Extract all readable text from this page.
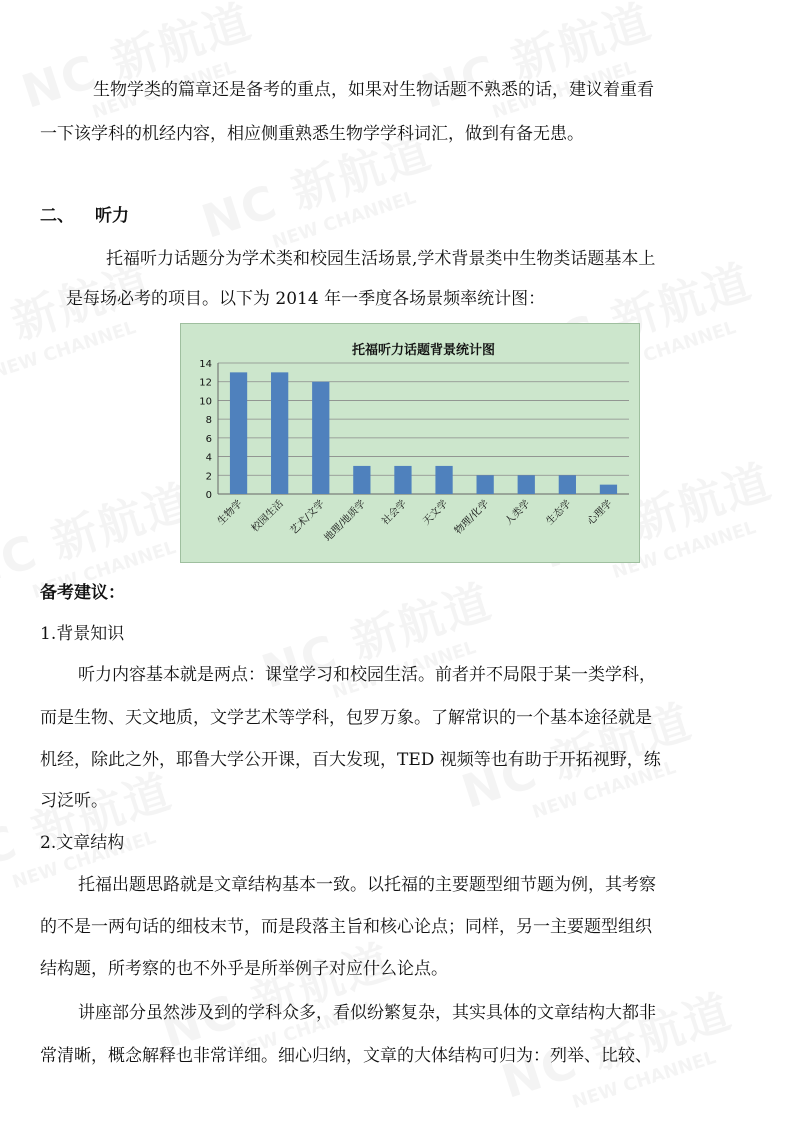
生物学类的篇章还是备考的重点，如果对生物话题不熟悉的话，建议着重看
一下该学科的机经内容，相应侧重熟悉生物学学科词汇，做到有备无患。
二、 听力
托福听力话题分为学术类和校园生活场景,学术背景类中生物类话题基本上
是每场必考的项目。以下为 2014 年一季度各场景频率统计图：
托福听力话题背景统计图
0
2
4
6
8
10
12
14
生物学 校园生活 艺术/文学
地理/地质学 社会学 天文学 物理/化学 人类学 生态学 心理学
备考建议：
1.背景知识
听力内容基本就是两点：课堂学习和校园生活。前者并不局限于某一类学科，
而是生物、天文地质，文学艺术等学科，包罗万象。了解常识的一个基本途径就是
机经，除此之外，耶鲁大学公开课，百大发现，TED 视频等也有助于开拓视野，练
习泛听。
2.文章结构
托福出题思路就是文章结构基本一致。以托福的主要题型细节题为例，其考察
的不是一两句话的细枝末节，而是段落主旨和核心论点；同样，另一主要题型组织
结构题，所考察的也不外乎是所举例子对应什么论点。
讲座部分虽然涉及到的学科众多，看似纷繁复杂，其实具体的文章结构大都非
常清晰，概念解释也非常详细。细心归纳，文章的大体结构可归为：列举、比较、
